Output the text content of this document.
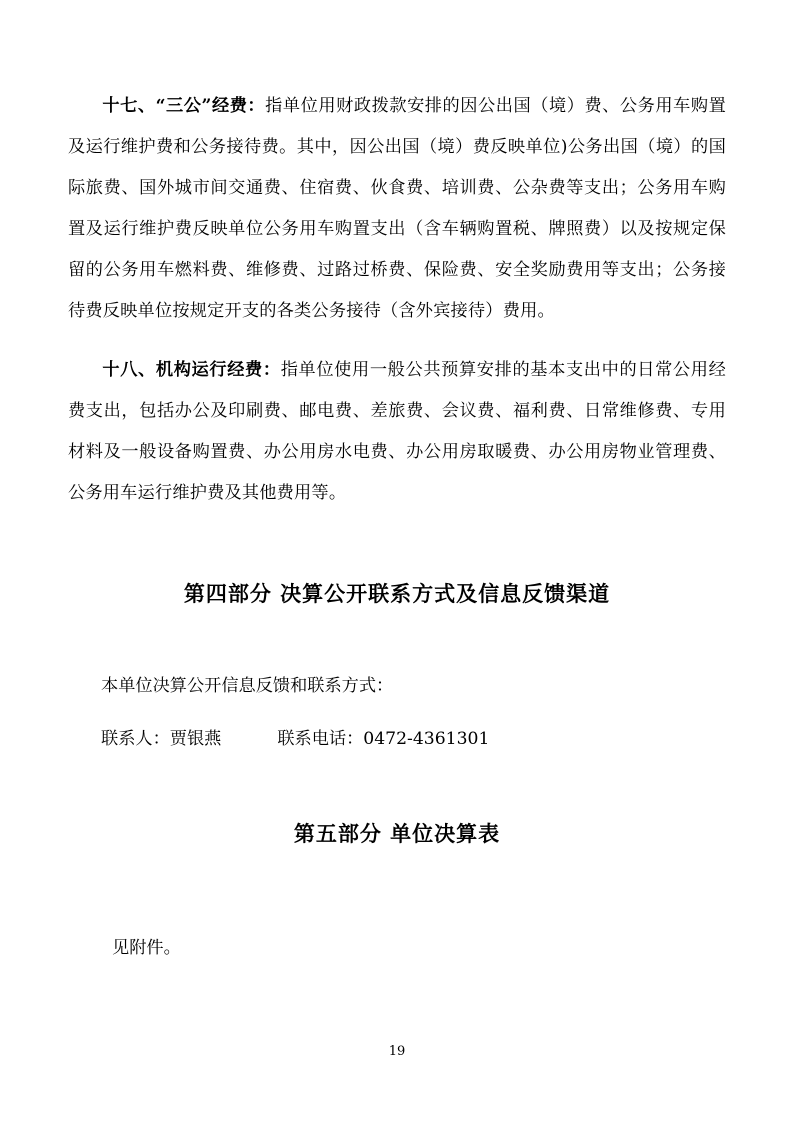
十七、“三公”经费：指单位用财政拨款安排的因公出国（境）费、公务用车购置及运行维护费和公务接待费。其中，因公出国（境）费反映单位)公务出国（境）的国际旅费、国外城市间交通费、住宿费、伙食费、培训费、公杂费等支出；公务用车购置及运行维护费反映单位公务用车购置支出（含车辆购置税、牌照费）以及按规定保留的公务用车燃料费、维修费、过路过桥费、保险费、安全奖励费用等支出；公务接待费反映单位按规定开支的各类公务接待（含外宾接待）费用。

十八、机构运行经费：指单位使用一般公共预算安排的基本支出中的日常公用经费支出，包括办公及印刷费、邮电费、差旅费、会议费、福利费、日常维修费、专用材料及一般设备购置费、办公用房水电费、办公用房取暖费、办公用房物业管理费、公务用车运行维护费及其他费用等。

第四部分 决算公开联系方式及信息反馈渠道

本单位决算公开信息反馈和联系方式：

联系人：贾银燕	联系电话：0472-4361301

第五部分 单位决算表

见附件。

19
